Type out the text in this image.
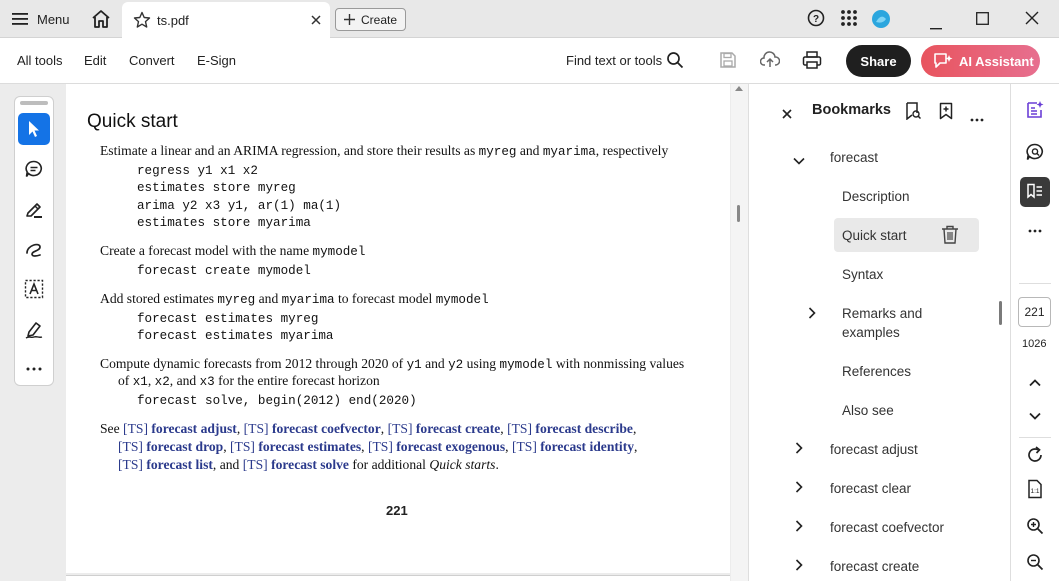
Menu	ts.pdf	Create	?
All tools Edit Convert E-Sign	Find text or tools	Share	AI Assistant
Quick start
Estimate a linear and an ARIMA regression, and store their results as myreg and myarima, respectively
regress y1 x1 x2
estimates store myreg
arima y2 x3 y1, ar(1) ma(1)
estimates store myarima
Create a forecast model with the name mymodel
forecast create mymodel
Add stored estimates myreg and myarima to forecast model mymodel
forecast estimates myreg
forecast estimates myarima
Compute dynamic forecasts from 2012 through 2020 of y1 and y2 using mymodel with nonmissing values
of x1, x2, and x3 for the entire forecast horizon
forecast solve, begin(2012) end(2020)
See [TS] forecast adjust, [TS] forecast coefvector, [TS] forecast create, [TS] forecast describe,
[TS] forecast drop, [TS] forecast estimates, [TS] forecast exogenous, [TS] forecast identity,
[TS] forecast list, and [TS] forecast solve for additional Quick starts.
221
Bookmarks
forecast
Description
Quick start
Syntax
Remarks and
examples
References
Also see
forecast adjust
forecast clear
forecast coefvector
forecast create
221
1026
1:1
